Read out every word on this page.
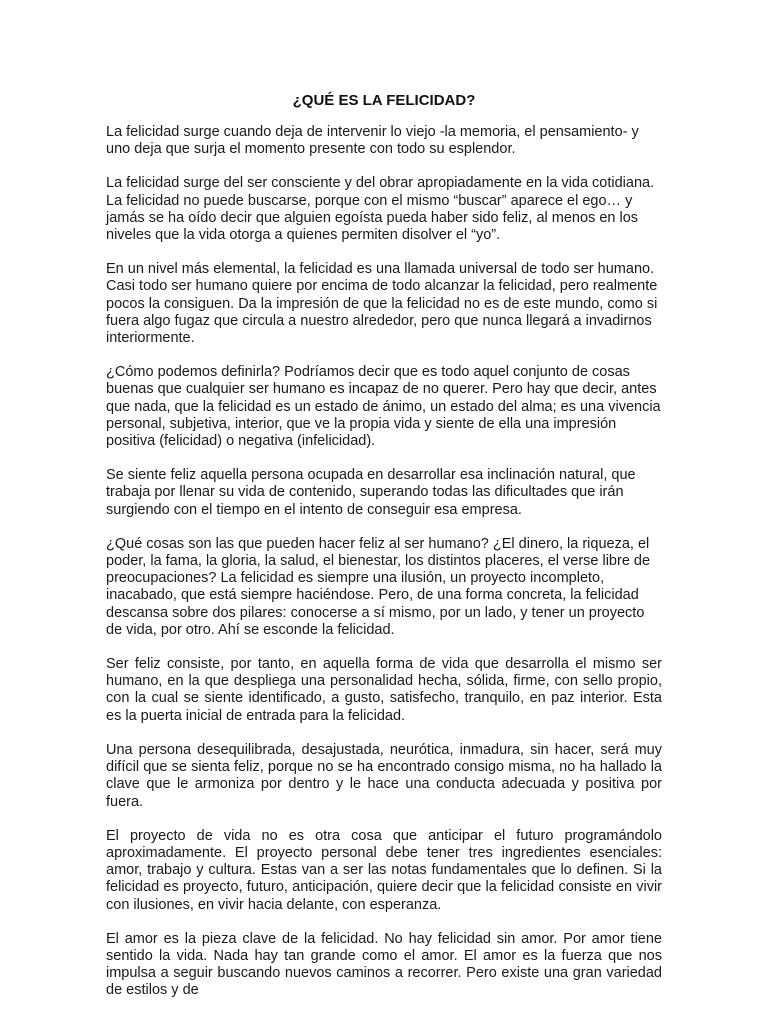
¿QUÉ ES LA FELICIDAD?

La felicidad surge cuando deja de intervenir lo viejo -la memoria, el pensamiento- y uno deja que surja el momento presente con todo su esplendor.

La felicidad surge del ser consciente y del obrar apropiadamente en la vida cotidiana. La felicidad no puede buscarse, porque con el mismo “buscar” aparece el ego… y jamás se ha oído decir que alguien egoísta pueda haber sido feliz, al menos en los niveles que la vida otorga a quienes permiten disolver el “yo”.

En un nivel más elemental, la felicidad es una llamada universal de todo ser humano. Casi todo ser humano quiere por encima de todo alcanzar la felicidad, pero realmente pocos la consiguen. Da la impresión de que la felicidad no es de este mundo, como si fuera algo fugaz que circula a nuestro alrededor, pero que nunca llegará a invadirnos interiormente.

¿Cómo podemos definirla? Podríamos decir que es todo aquel conjunto de cosas buenas que cualquier ser humano es incapaz de no querer. Pero hay que decir, antes que nada, que la felicidad es un estado de ánimo, un estado del alma; es una vivencia personal, subjetiva, interior, que ve la propia vida y siente de ella una impresión positiva (felicidad) o negativa (infelicidad).

Se siente feliz aquella persona ocupada en desarrollar esa inclinación natural, que trabaja por llenar su vida de contenido, superando todas las dificultades que irán surgiendo con el tiempo en el intento de conseguir esa empresa.

¿Qué cosas son las que pueden hacer feliz al ser humano? ¿El dinero, la riqueza, el poder, la fama, la gloria, la salud, el bienestar, los distintos placeres, el verse libre de preocupaciones? La felicidad es siempre una ilusión, un proyecto incompleto, inacabado, que está siempre haciéndose. Pero, de una forma concreta, la felicidad descansa sobre dos pilares: conocerse a sí mismo, por un lado, y tener un proyecto de vida, por otro. Ahí se esconde la felicidad.

Ser feliz consiste, por tanto, en aquella forma de vida que desarrolla el mismo ser humano, en la que despliega una personalidad hecha, sólida, firme, con sello propio, con la cual se siente identificado, a gusto, satisfecho, tranquilo, en paz interior. Esta es la puerta inicial de entrada para la felicidad.

Una persona desequilibrada, desajustada, neurótica, inmadura, sin hacer, será muy difícil que se sienta feliz, porque no se ha encontrado consigo misma, no ha hallado la clave que le armoniza por dentro y le hace una conducta adecuada y positiva por fuera.

El proyecto de vida no es otra cosa que anticipar el futuro programándolo aproximadamente. El proyecto personal debe tener tres ingredientes esenciales: amor, trabajo y cultura. Estas van a ser las notas fundamentales que lo definen. Si la felicidad es proyecto, futuro, anticipación, quiere decir que la felicidad consiste en vivir con ilusiones, en vivir hacia delante, con esperanza.

El amor es la pieza clave de la felicidad. No hay felicidad sin amor. Por amor tiene sentido la vida. Nada hay tan grande como el amor. El amor es la fuerza que nos impulsa a seguir buscando nuevos caminos a recorrer. Pero existe una gran variedad de estilos y de
